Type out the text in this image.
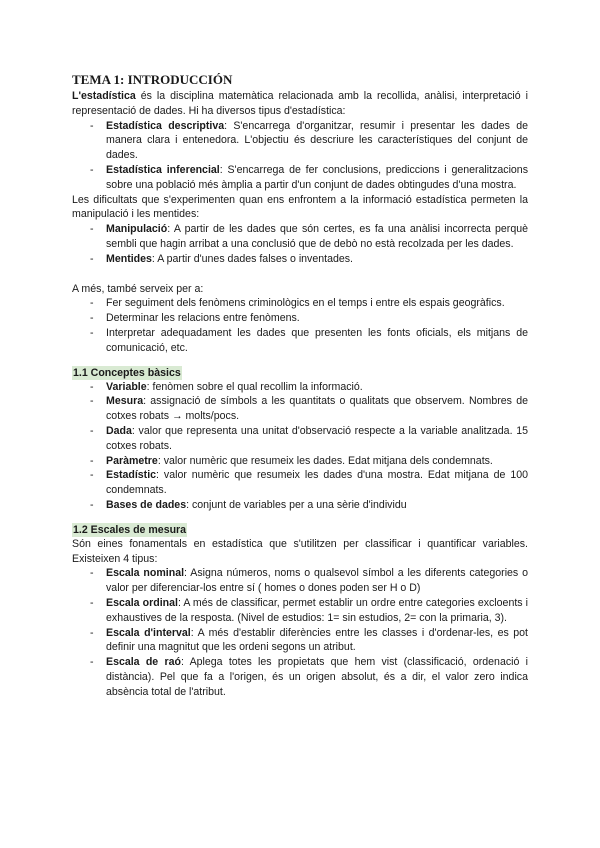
TEMA 1: INTRODUCCIÓN

L'estadística és la disciplina matemàtica relacionada amb la recollida, anàlisi, interpretació i representació de dades. Hi ha diversos tipus d'estadística:

- Estadística descriptiva: S'encarrega d'organitzar, resumir i presentar les dades de manera clara i entenedora. L'objectiu és descriure les característiques del conjunt de dades.
- Estadística inferencial: S'encarrega de fer conclusions, prediccions i generalitzacions sobre una població més àmplia a partir d'un conjunt de dades obtingudes d'una mostra.

Les dificultats que s'experimenten quan ens enfrontem a la informació estadística permeten la manipulació i les mentides:

- Manipulació: A partir de les dades que són certes, es fa una anàlisi incorrecta perquè sembli que hagin arribat a una conclusió que de debò no està recolzada per les dades.
- Mentides: A partir d'unes dades falses o inventades.

A més, també serveix per a:

- Fer seguiment dels fenòmens criminològics en el temps i entre els espais geogràfics.
- Determinar les relacions entre fenòmens.
- Interpretar adequadament les dades que presenten les fonts oficials, els mitjans de comunicació, etc.
1.1 Conceptes bàsics
- Variable: fenòmen sobre el qual recollim la informació.
- Mesura: assignació de símbols a les quantitats o qualitats que observem. Nombres de cotxes robats → molts/pocs.
- Dada: valor que representa una unitat d'observació respecte a la variable analitzada. 15 cotxes robats.
- Paràmetre: valor numèric que resumeix les dades. Edat mitjana dels condemnats.
- Estadístic: valor numèric que resumeix les dades d'una mostra. Edat mitjana de 100 condemnats.
- Bases de dades: conjunt de variables per a una sèrie d'individu
1.2 Escales de mesura

Són eines fonamentals en estadística que s'utilitzen per classificar i quantificar variables. Existeixen 4 tipus:

- Escala nominal: Asigna números, noms o qualsevol símbol a les diferents categories o valor per diferenciar-los entre sí ( homes o dones poden ser H o D)
- Escala ordinal: A més de classificar, permet establir un ordre entre categories excloents i exhaustives de la resposta. (Nivel de estudios: 1= sin estudios, 2= con la primaria, 3).
- Escala d'interval: A més d'establir diferències entre les classes i d'ordenar-les, es pot definir una magnitut que les ordeni segons un atribut.
- Escala de raó: Aplega totes les propietats que hem vist (classificació, ordenació i distància). Pel que fa a l'origen, és un origen absolut, és a dir, el valor zero indica absència total de l'atribut.
